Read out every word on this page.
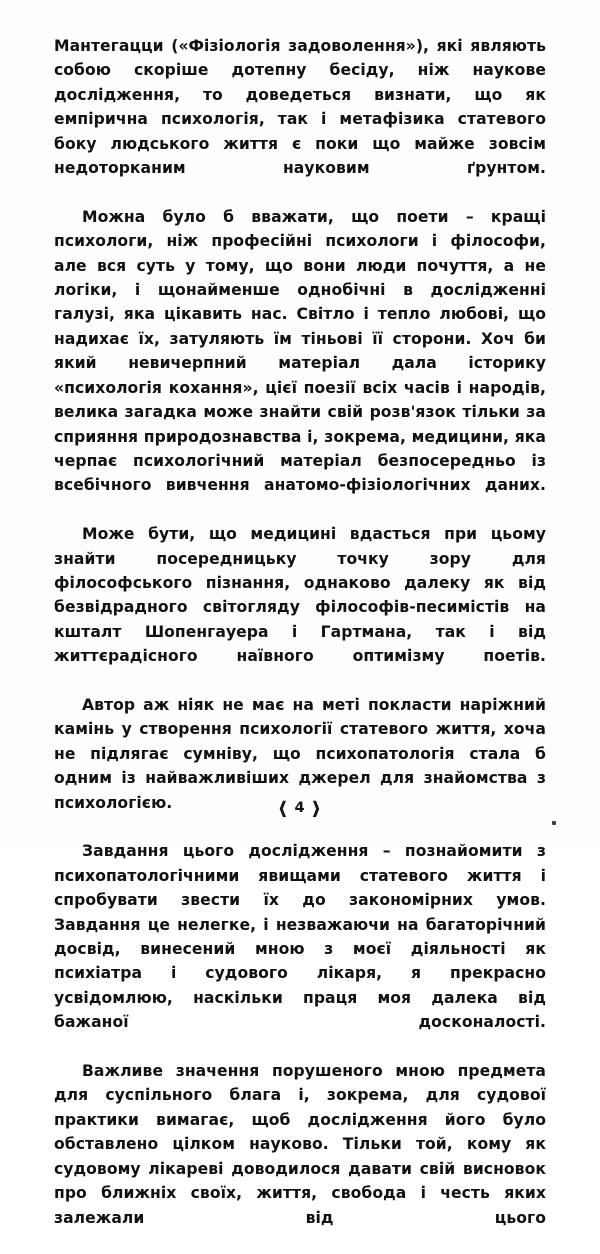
Мантегацци («Фізіологія задоволення»), які являють собою скоріше дотепну бесіду, ніж наукове дослідження, то доведеться визнати, що як емпірична психологія, так і метафізика статевого боку людського життя є поки що майже зовсім недоторканим науковим ґрунтом.

Можна було б вважати, що поети – кращі психологи, ніж професійні психологи і філософи, але вся суть у тому, що вони люди почуття, а не логіки, і щонайменше однобічні в дослідженні галузі, яка цікавить нас. Світло і тепло любові, що надихає їх, затуляють їм тіньові її сторони. Хоч би який невичерпний матеріал дала історику «психологія кохання», цієї поезії всіх часів і народів, велика загадка може знайти свій розв'язок тільки за сприяння природознавства і, зокрема, медицини, яка черпає психологічний матеріал безпосередньо із всебічного вивчення анатомо-фізіологічних даних.

Може бути, що медицині вдасться при цьому знайти посередницьку точку зору для філософського пізнання, однаково далеку як від безвідрадного світогляду філософів-песимістів на кшталт Шопенгауера і Гартмана, так і від життєрадісного наївного оптимізму поетів.

Автор аж ніяк не має на меті покласти наріжний камінь у створення психології статевого життя, хоча не підлягає сумніву, що психопатологія стала б одним із найважливіших джерел для знайомства з психологією.

Завдання цього дослідження – познайомити з психопатологічними явищами статевого життя і спробувати звести їх до закономірних умов. Завдання це нелегке, і незважаючи на багаторічний досвід, винесений мною з моєї діяльності як психіатра і судового лікаря, я прекрасно усвідомлюю, наскільки праця моя далека від бажаної досконалості.

Важливе значення порушеного мною предмета для суспільного блага і, зокрема, для судової практики вимагає, щоб дослідження його було обставлено цілком науково. Тільки той, кому як судовому лікареві доводилося давати свій висновок про ближніх своїх, життя, свобода і честь яких залежали від цього

❰ 4 ❱
